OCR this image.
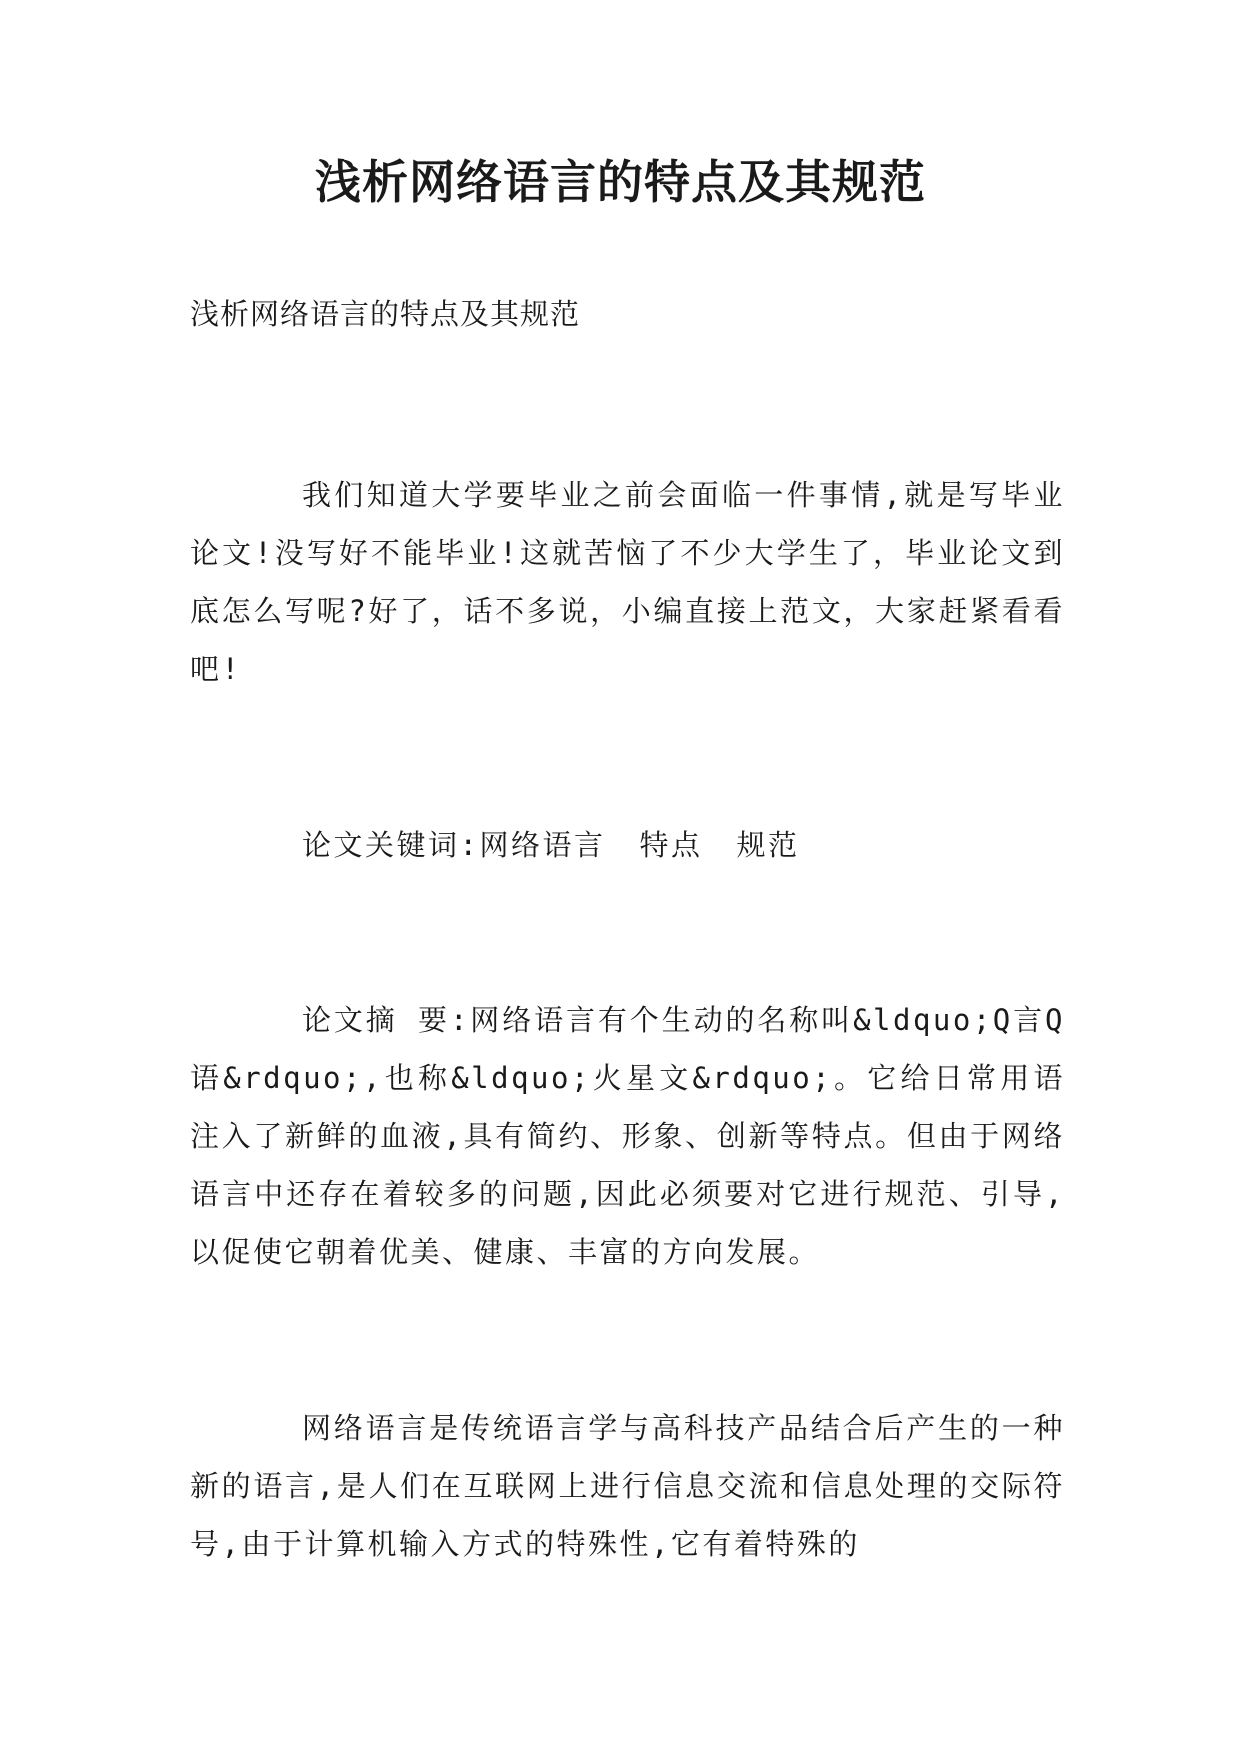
浅析网络语言的特点及其规范

浅析网络语言的特点及其规范

我们知道大学要毕业之前会面临一件事情,就是写毕业论文!没写好不能毕业!这就苦恼了不少大学生了，毕业论文到底怎么写呢?好了，话不多说，小编直接上范文，大家赶紧看看吧!

论文关键词:网络语言 特点 规范

论文摘 要:网络语言有个生动的名称叫&ldquo;Q言Q语&rdquo;,也称&ldquo;火星文&rdquo;。它给日常用语注入了新鲜的血液,具有简约、形象、创新等特点。但由于网络语言中还存在着较多的问题,因此必须要对它进行规范、引导,以促使它朝着优美、健康、丰富的方向发展。

网络语言是传统语言学与高科技产品结合后产生的一种新的语言,是人们在互联网上进行信息交流和信息处理的交际符号,由于计算机输入方式的特殊性,它有着特殊的
